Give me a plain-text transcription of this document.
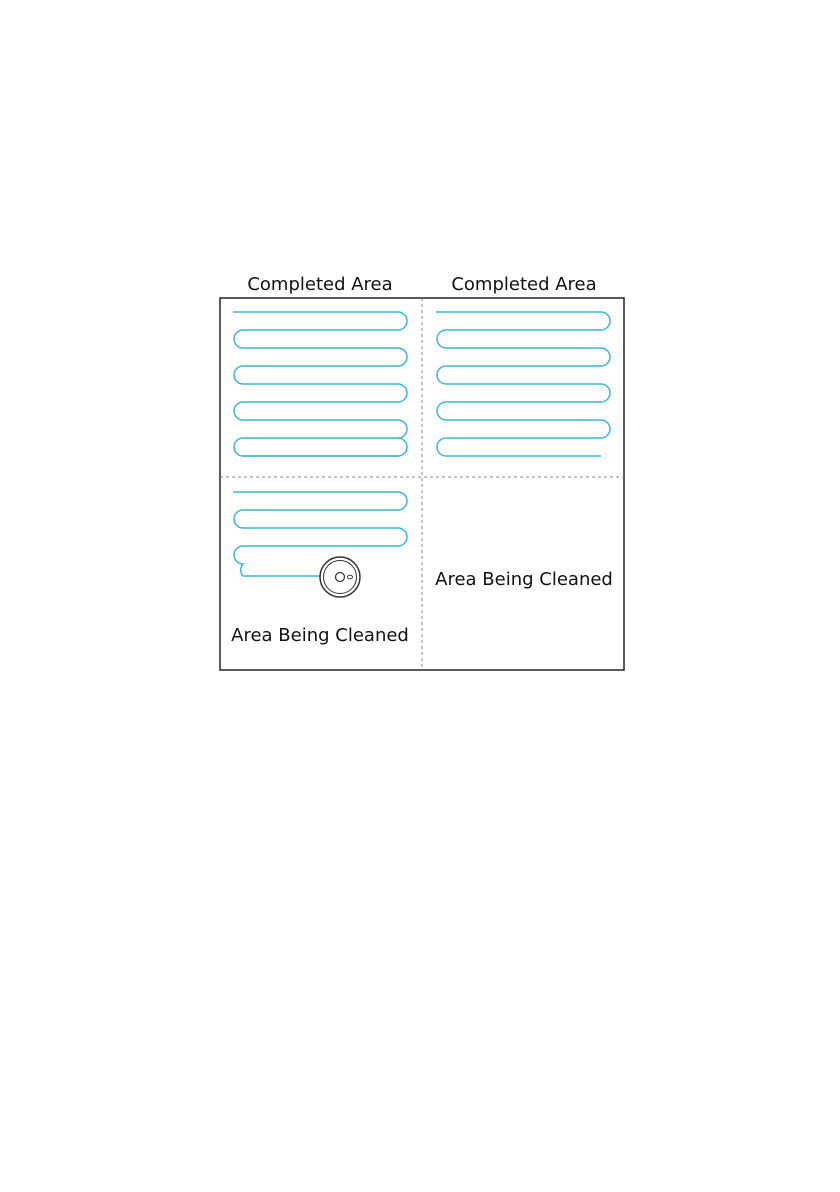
Completed Area	Completed Area
Area Being Cleaned
Area Being Cleaned
